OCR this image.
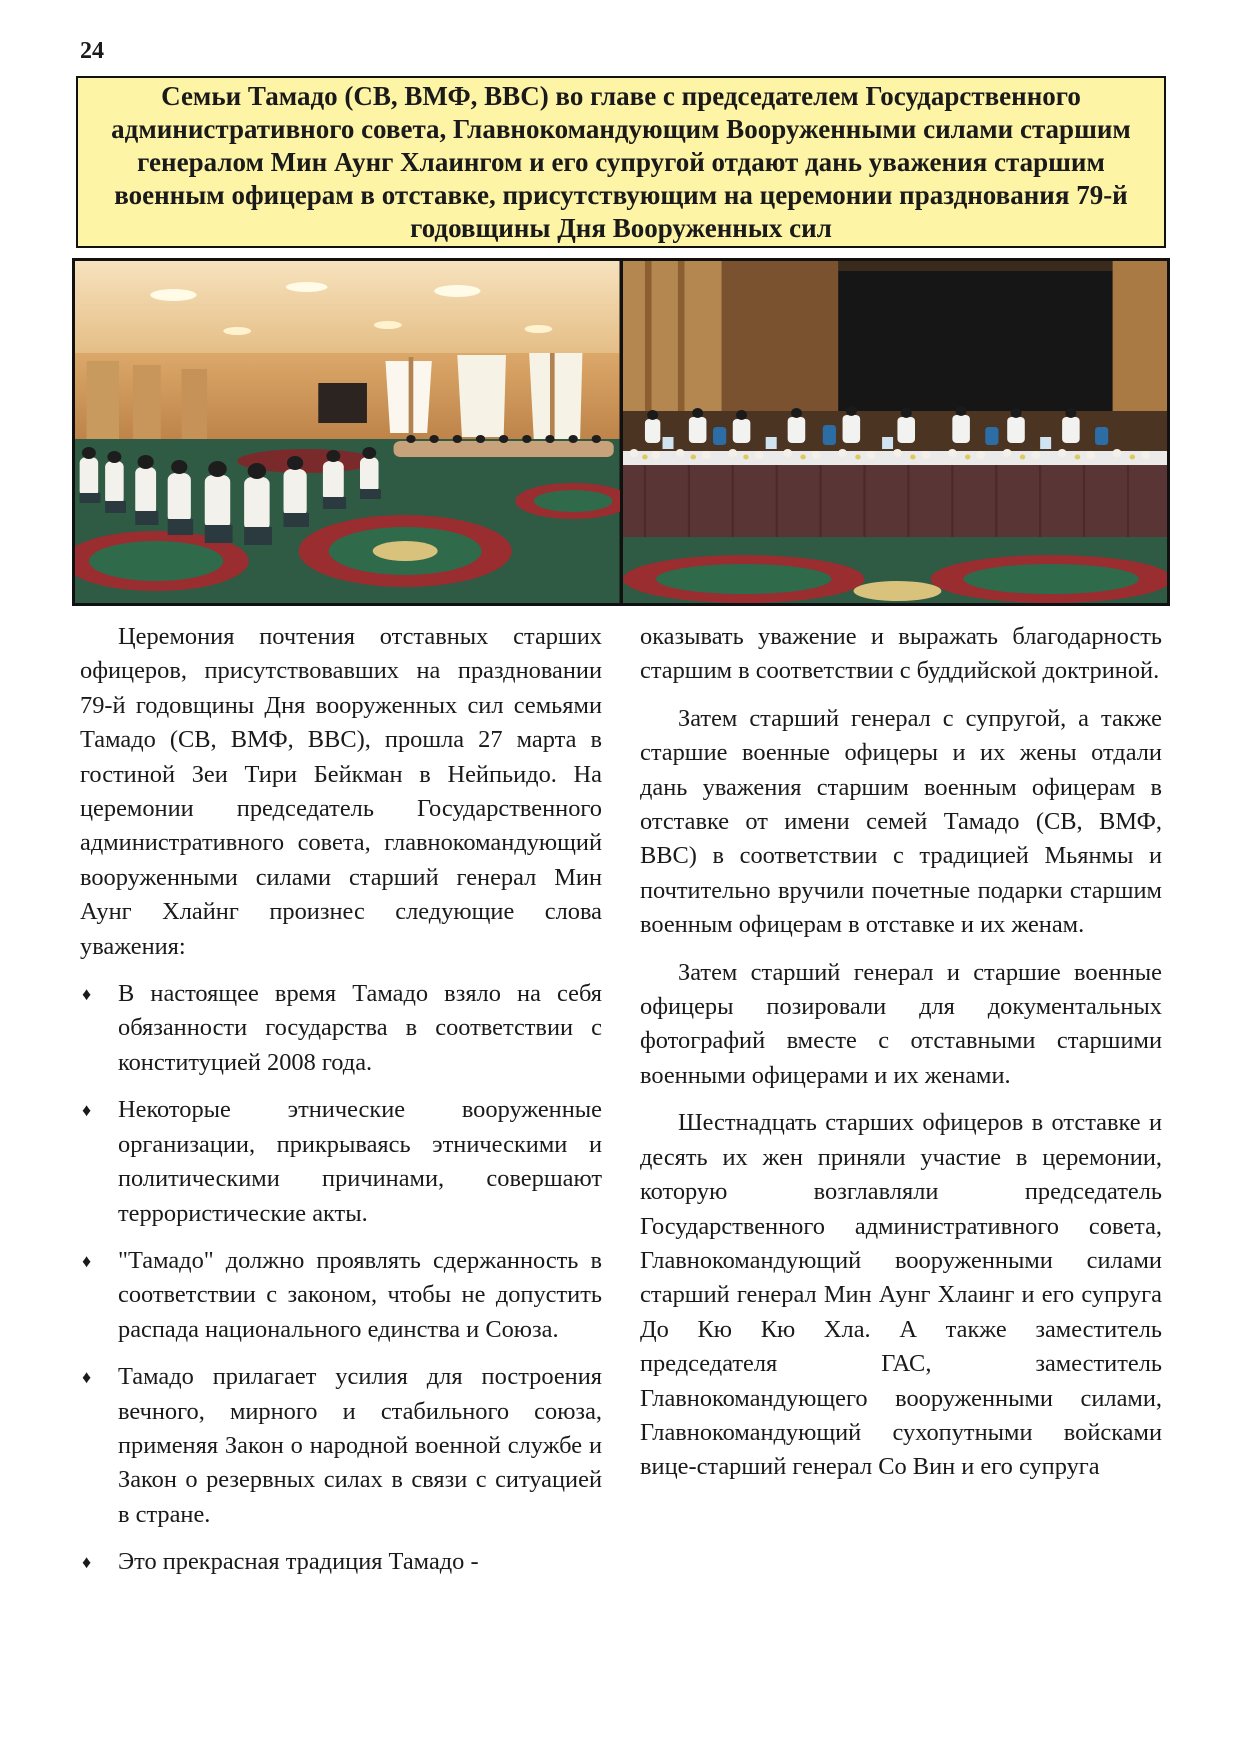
24
Семьи Тамадо (СВ, ВМФ, ВВС) во главе с председателем Государственного административного совета, Главнокомандующим Вооруженными силами старшим генералом Мин Аунг Хлаингом и его супругой отдают дань уважения старшим военным офицерам в отставке, присутствующим на церемонии празднования 79-й годовщины Дня Вооруженных сил

Церемония почтения отставных старших офицеров, присутствовавших на праздновании 79-й годовщины Дня вооруженных сил семьями Тамадо (СВ, ВМФ, ВВС), прошла 27 марта в гостиной Зеи Тири Бейкман в Нейпьидо. На церемонии председатель Государственного административного совета, главнокомандующий вооруженными силами старший генерал Мин Аунг Хлайнг произнес следующие слова уважения:

♦ В настоящее время Тамадо взяло на себя обязанности государства в соответствии с конституцией 2008 года.
♦ Некоторые этнические вооруженные организации, прикрываясь этническими и политическими причинами, совершают террористические акты.
♦ "Тамадо" должно проявлять сдержанность в соответствии с законом, чтобы не допустить распада национального единства и Союза.
♦ Тамадо прилагает усилия для построения вечного, мирного и стабильного союза, применяя Закон о народной военной службе и Закон о резервных силах в связи с ситуацией в стране.
♦ Это прекрасная традиция Тамадо -

оказывать уважение и выражать благодарность старшим в соответствии с буддийской доктриной.

Затем старший генерал с супругой, а также старшие военные офицеры и их жены отдали дань уважения старшим военным офицерам в отставке от имени семей Тамадо (СВ, ВМФ, ВВС) в соответствии с традицией Мьянмы и почтительно вручили почетные подарки старшим военным офицерам в отставке и их женам.

Затем старший генерал и старшие военные офицеры позировали для документальных фотографий вместе с отставными старшими военными офицерами и их женами.

Шестнадцать старших офицеров в отставке и десять их жен приняли участие в церемонии, которую возглавляли председатель Государственного административного совета, Главнокомандующий вооруженными силами старший генерал Мин Аунг Хлаинг и его супруга До Кю Кю Хла. А также заместитель председателя ГАС, заместитель Главнокомандующего вооруженными силами, Главнокомандующий сухопутными войсками вице-старший генерал Со Вин и его супруга
